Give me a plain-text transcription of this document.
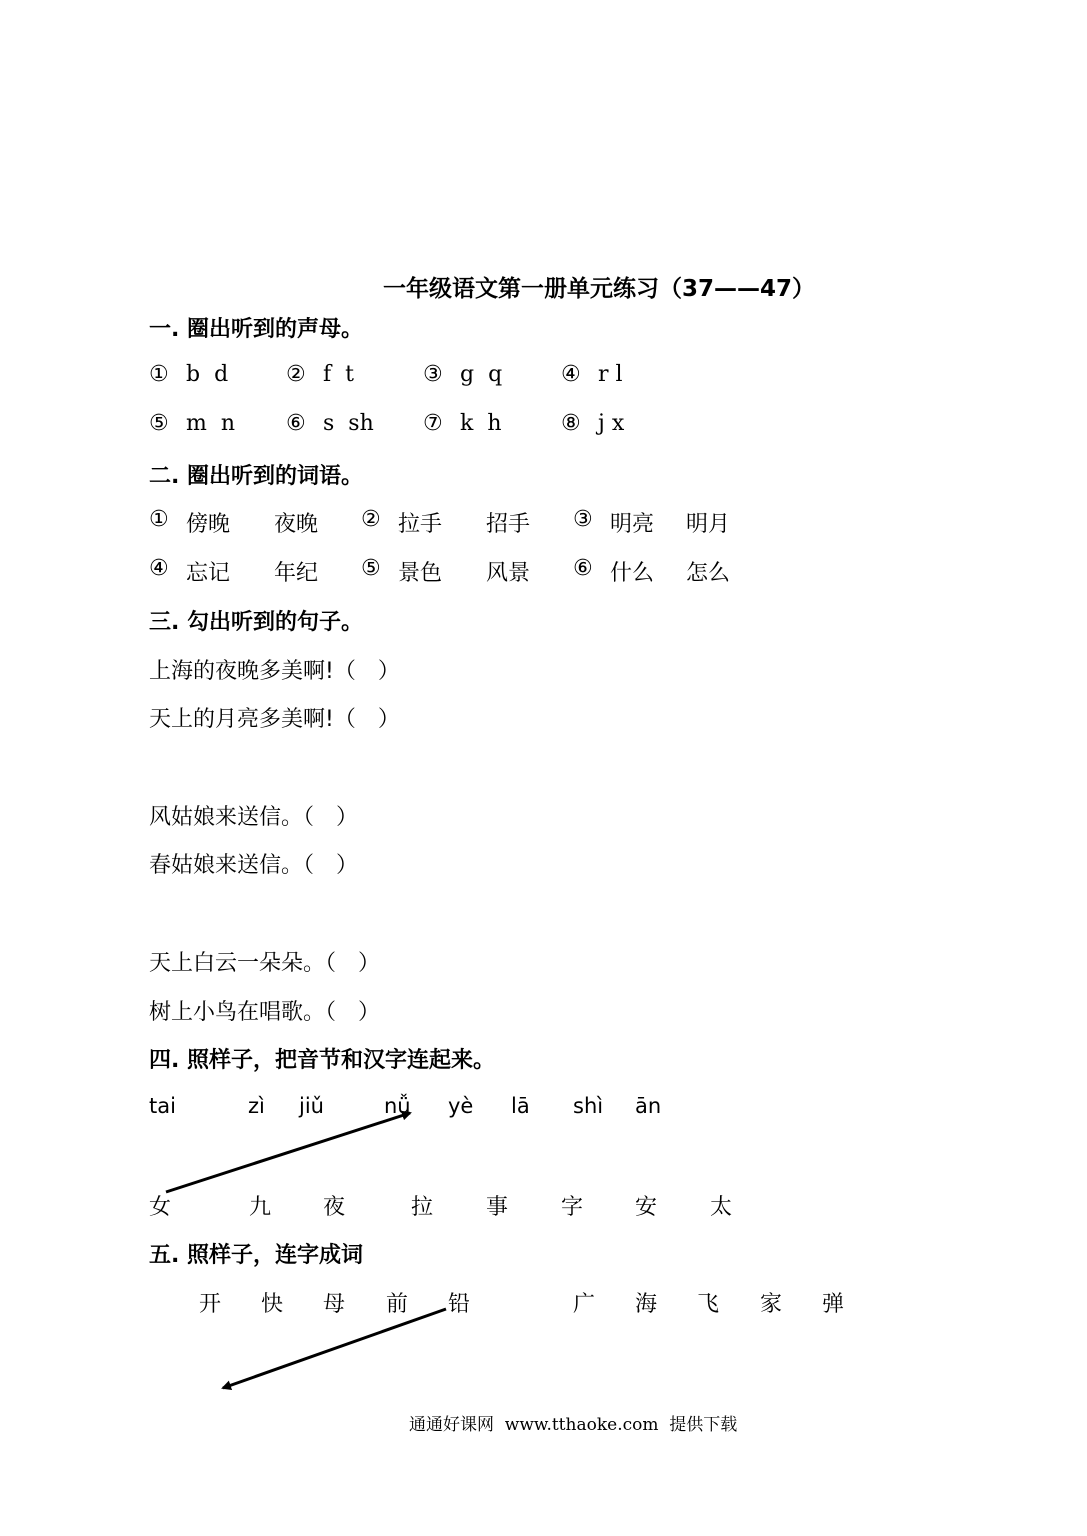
一年级语文第一册单元练习（37——47）
一. 圈出听到的声母。
① b  d	② f  t	③ g  q	④ r l
⑤ m  n ⑥ s  sh ⑦ k  h	⑧ j x
二. 圈出听到的词语。
① 傍晚 夜晚 ② 拉手 招手 ③ 明亮 明月
④ 忘记 年纪 ⑤ 景色 风景 ⑥ 什么 怎么
三. 勾出听到的句子。
上海的夜晚多美啊!（　）
天上的月亮多美啊!（　）
风姑娘来送信。（　）
春姑娘来送信。（　）
天上白云一朵朵。（　）
树上小鸟在唱歌。（　）
四. 照样子，把音节和汉字连起来。
tai	zì jiǔ	nǚ yè lā shì ān
女	九 夜	拉 事 字 安 太
五. 照样子，连字成词
开 快 母 前 铅	广 海 飞 家 弹
通通好课网  www.tthaoke.com  提供下载
